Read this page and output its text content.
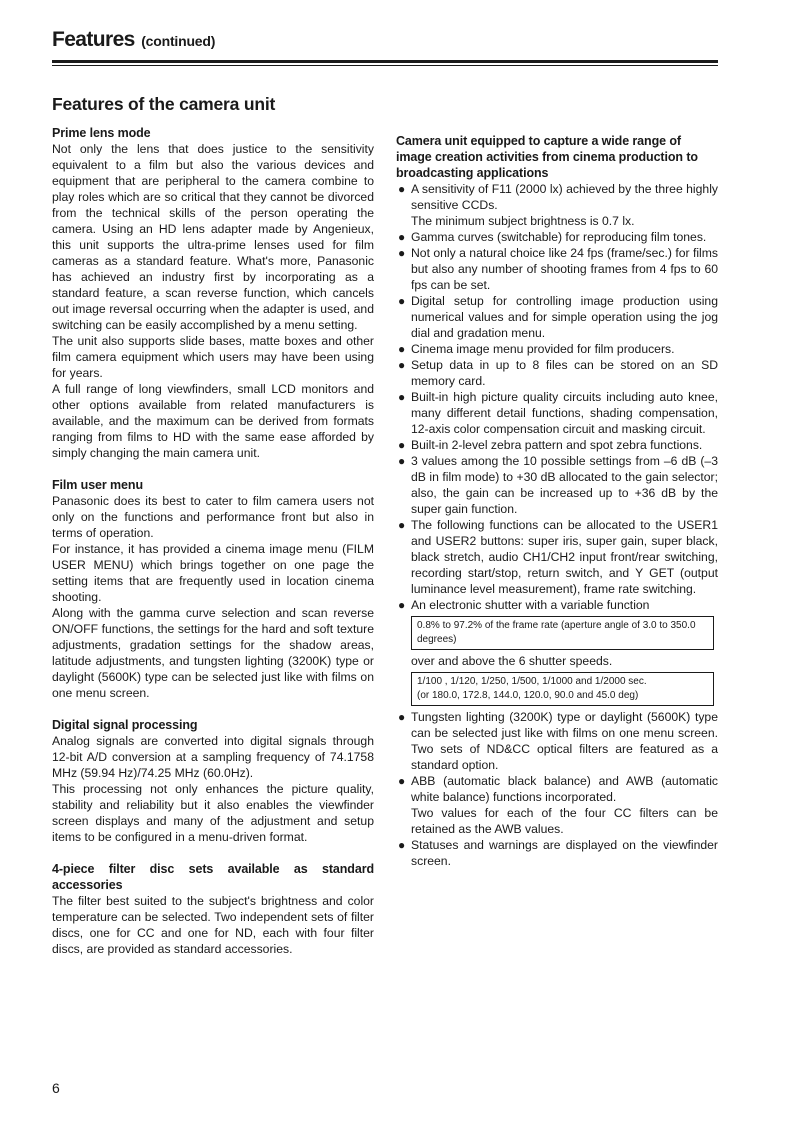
Features (continued)
Features of the camera unit
Prime lens mode

Not only the lens that does justice to the sensitivity equivalent to a film but also the various devices and equipment that are peripheral to the camera combine to play roles which are so critical that they cannot be divorced from the technical skills of the person operating the camera. Using an HD lens adapter made by Angenieux, this unit supports the ultra-prime lenses used for film cameras as a standard feature. What's more, Panasonic has achieved an industry first by incorporating as a standard feature, a scan reverse function, which cancels out image reversal occurring when the adapter is used, and switching can be easily accomplished by a menu setting.

The unit also supports slide bases, matte boxes and other film camera equipment which users may have been using for years.

A full range of long viewfinders, small LCD monitors and other options available from related manufacturers is available, and the maximum can be derived from formats ranging from films to HD with the same ease afforded by simply changing the main camera unit.

Film user menu

Panasonic does its best to cater to film camera users not only on the functions and performance front but also in terms of operation.

For instance, it has provided a cinema image menu (FILM USER MENU) which brings together on one page the setting items that are frequently used in location cinema shooting.

Along with the gamma curve selection and scan reverse ON/OFF functions, the settings for the hard and soft texture adjustments, gradation settings for the shadow areas, latitude adjustments, and tungsten lighting (3200K) type or daylight (5600K) type can be selected just like with films on one menu screen.

Digital signal processing

Analog signals are converted into digital signals through 12-bit A/D conversion at a sampling frequency of 74.1758 MHz (59.94 Hz)/74.25 MHz (60.0Hz).

This processing not only enhances the picture quality, stability and reliability but it also enables the viewfinder screen displays and many of the adjustment and setup items to be configured in a menu-driven format.

4-piece filter disc sets available as standard accessories

The filter best suited to the subject's brightness and color temperature can be selected. Two independent sets of filter discs, one for CC and one for ND, each with four filter discs, are provided as standard accessories.

Camera unit equipped to capture a wide range of image creation activities from cinema production to broadcasting applications
● A sensitivity of F11 (2000 lx) achieved by the three highly sensitive CCDs.
The minimum subject brightness is 0.7 lx.
● Gamma curves (switchable) for reproducing film tones.
● Not only a natural choice like 24 fps (frame/sec.) for films but also any number of shooting frames from 4 fps to 60 fps can be set.
● Digital setup for controlling image production using numerical values and for simple operation using the jog dial and gradation menu.
● Cinema image menu provided for film producers.
● Setup data in up to 8 files can be stored on an SD memory card.
● Built-in high picture quality circuits including auto knee, many different detail functions, shading compensation, 12-axis color compensation circuit and masking circuit.
● Built-in 2-level zebra pattern and spot zebra functions.
● 3 values among the 10 possible settings from –6 dB (–3 dB in film mode) to +30 dB allocated to the gain selector; also, the gain can be increased up to +36 dB by the super gain function.
● The following functions can be allocated to the USER1 and USER2 buttons: super iris, super gain, super black, black stretch, audio CH1/CH2 input front/rear switching, recording start/stop, return switch, and Y GET (output luminance level measurement), frame rate switching.
● An electronic shutter with a variable function
0.8% to 97.2% of the frame rate (aperture angle of 3.0 to 350.0 degrees)
over and above the 6 shutter speeds.
1/100 , 1/120, 1/250, 1/500, 1/1000 and 1/2000 sec.
(or 180.0, 172.8, 144.0, 120.0, 90.0 and 45.0 deg)
● Tungsten lighting (3200K) type or daylight (5600K) type can be selected just like with films on one menu screen. Two sets of ND&CC optical filters are featured as a standard option.
● ABB (automatic black balance) and AWB (automatic white balance) functions incorporated.
Two values for each of the four CC filters can be retained as the AWB values.
● Statuses and warnings are displayed on the viewfinder screen.
6
